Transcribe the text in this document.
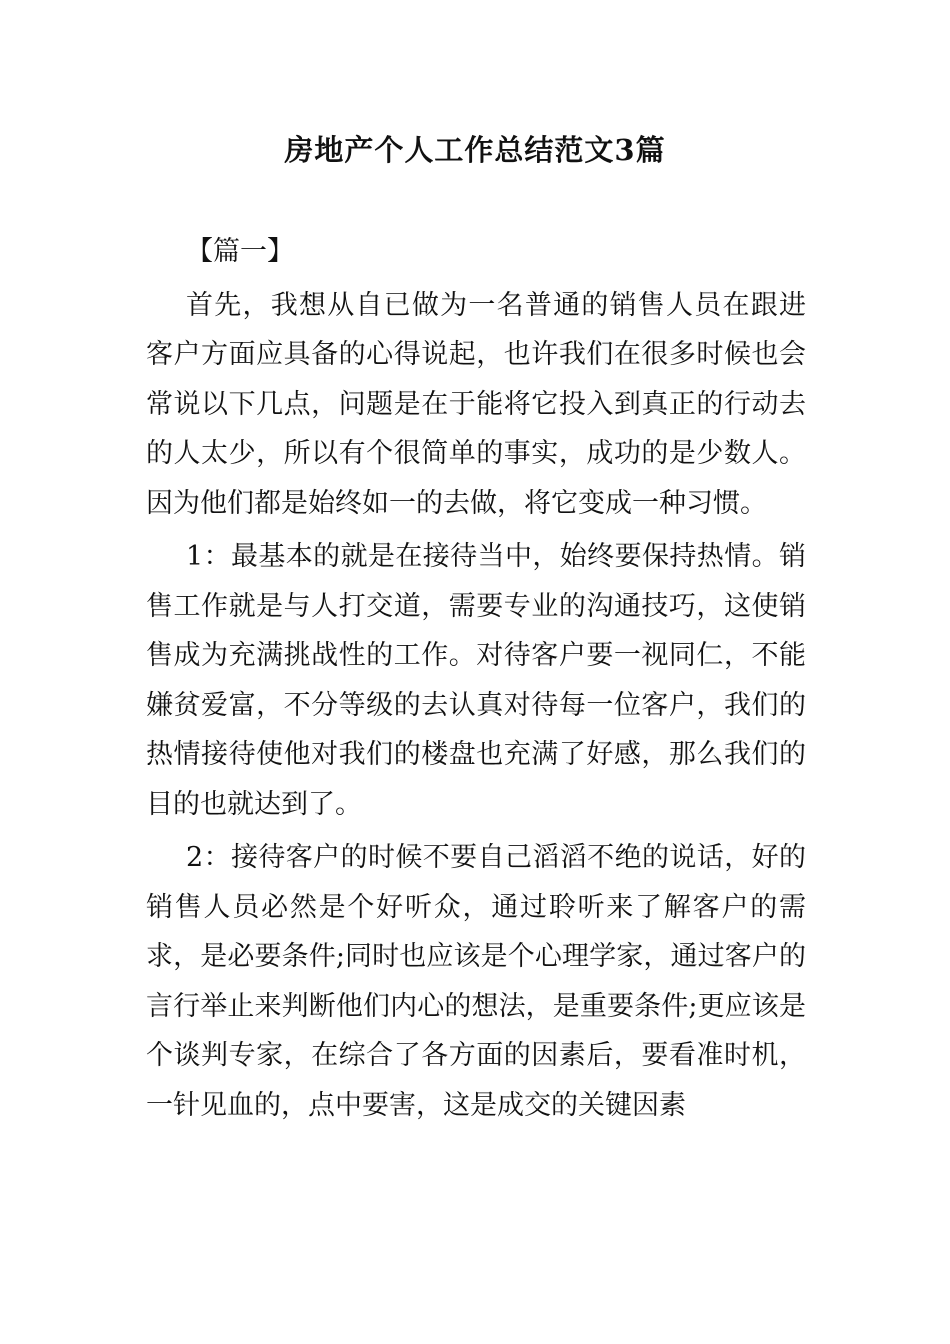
房地产个人工作总结范文3篇

【篇一】

首先，我想从自已做为一名普通的销售人员在跟进客户方面应具备的心得说起，也许我们在很多时候也会常说以下几点，问题是在于能将它投入到真正的行动去的人太少，所以有个很简单的事实，成功的是少数人。因为他们都是始终如一的去做，将它变成一种习惯。

1：最基本的就是在接待当中，始终要保持热情。销售工作就是与人打交道，需要专业的沟通技巧，这使销售成为充满挑战性的工作。对待客户要一视同仁，不能嫌贫爱富，不分等级的去认真对待每一位客户，我们的热情接待使他对我们的楼盘也充满了好感，那么我们的目的也就达到了。

2：接待客户的时候不要自己滔滔不绝的说话，好的销售人员必然是个好听众，通过聆听来了解客户的需求，是必要条件;同时也应该是个心理学家，通过客户的言行举止来判断他们内心的想法，是重要条件;更应该是个谈判专家，在综合了各方面的因素后，要看准时机，一针见血的，点中要害，这是成交的关键因素
